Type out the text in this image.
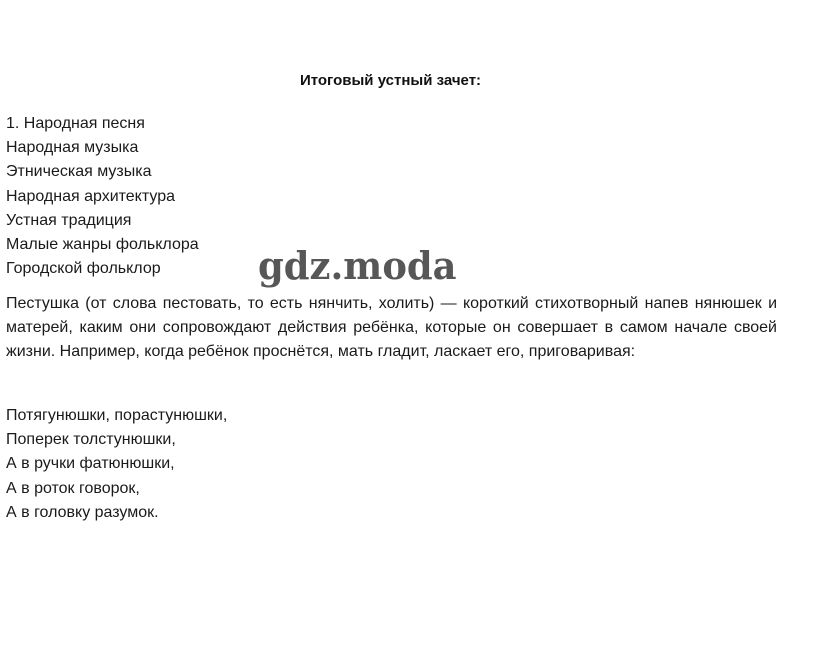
Итоговый устный зачет:
1. Народная песня
Народная музыка
Этническая музыка
Народная архитектура
Устная традиция
Малые жанры фольклора
Городской фольклор

Пестушка (от слова пестовать, то есть нянчить, холить) — короткий стихотворный напев нянюшек и матерей, каким они сопровождают действия ребёнка, которые он совершает в самом начале своей жизни. Например, когда ребёнок проснётся, мать гладит, ласкает его, приговаривая:

Потягунюшки, порастунюшки,
Поперек толстунюшки,
А в ручки фатюнюшки,
А в роток говорок,
А в головку разумок.
gdz.moda
